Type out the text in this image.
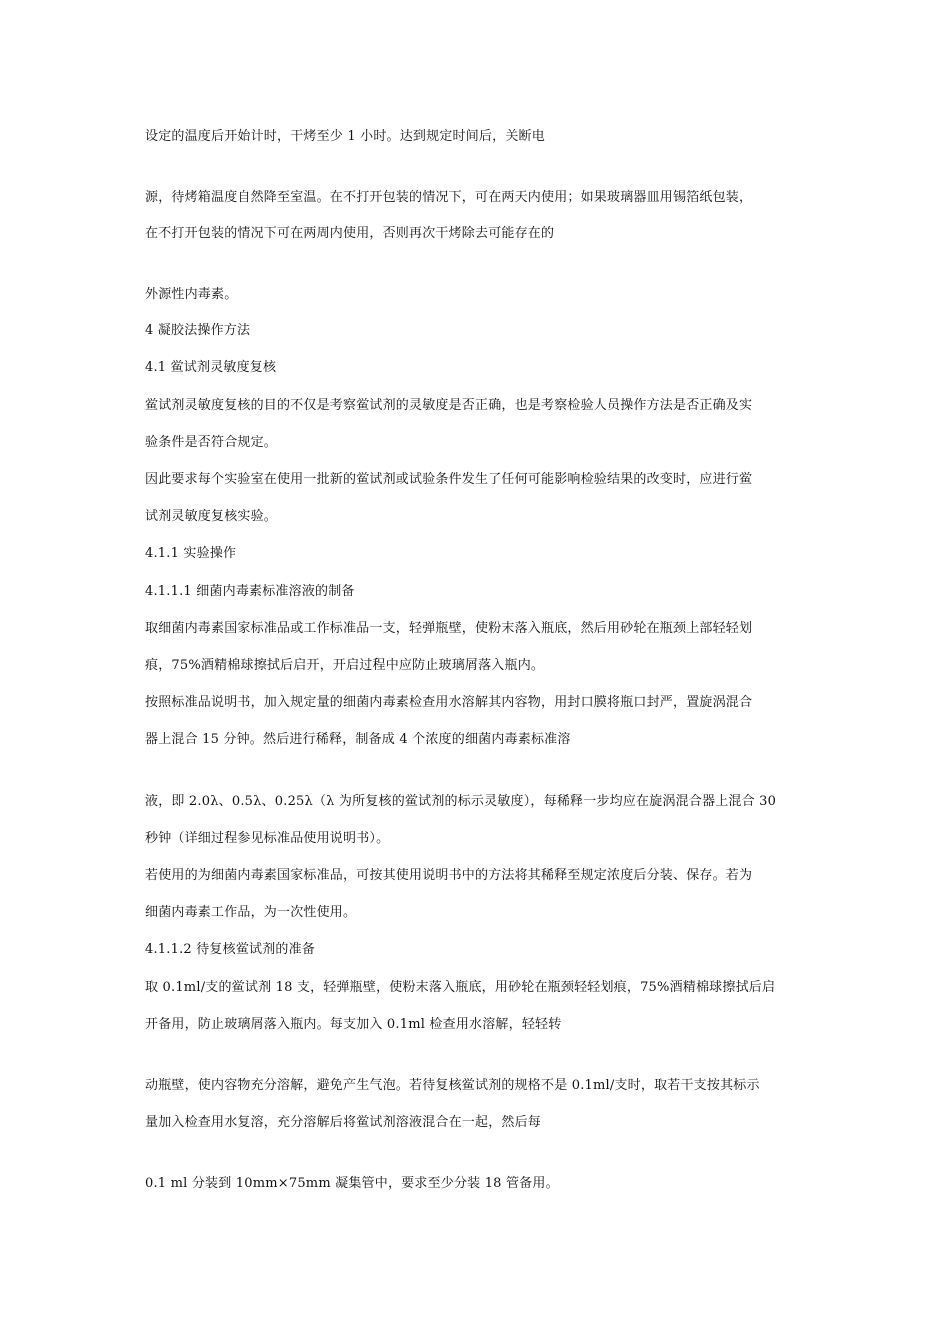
设定的温度后开始计时，干烤至少 1 小时。达到规定时间后，关断电
源，待烤箱温度自然降至室温。在不打开包装的情况下，可在两天内使用；如果玻璃器皿用锡箔纸包装，
在不打开包装的情况下可在两周内使用，否则再次干烤除去可能存在的
外源性内毒素。
4 凝胶法操作方法
4.1 鲎试剂灵敏度复核
鲎试剂灵敏度复核的目的不仅是考察鲎试剂的灵敏度是否正确，也是考察检验人员操作方法是否正确及实
验条件是否符合规定。
因此要求每个实验室在使用一批新的鲎试剂或试验条件发生了任何可能影响检验结果的改变时，应进行鲎
试剂灵敏度复核实验。
4.1.1 实验操作
4.1.1.1 细菌内毒素标准溶液的制备
取细菌内毒素国家标准品或工作标准品一支，轻弹瓶壁，使粉末落入瓶底，然后用砂轮在瓶颈上部轻轻划
痕，75%酒精棉球擦拭后启开，开启过程中应防止玻璃屑落入瓶内。
按照标准品说明书，加入规定量的细菌内毒素检查用水溶解其内容物，用封口膜将瓶口封严，置旋涡混合
器上混合 15 分钟。然后进行稀释，制备成 4 个浓度的细菌内毒素标准溶
液，即 2.0λ、0.5λ、0.25λ（λ 为所复核的鲎试剂的标示灵敏度），每稀释一步均应在旋涡混合器上混合 30
秒钟（详细过程参见标准品使用说明书）。
若使用的为细菌内毒素国家标准品，可按其使用说明书中的方法将其稀释至规定浓度后分装、保存。若为
细菌内毒素工作品，为一次性使用。
4.1.1.2 待复核鲎试剂的准备
取 0.1ml/支的鲎试剂 18 支，轻弹瓶壁，使粉末落入瓶底，用砂轮在瓶颈轻轻划痕，75%酒精棉球擦拭后启
开备用，防止玻璃屑落入瓶内。每支加入 0.1ml 检查用水溶解，轻轻转
动瓶壁，使内容物充分溶解，避免产生气泡。若待复核鲎试剂的规格不是 0.1ml/支时，取若干支按其标示
量加入检查用水复溶，充分溶解后将鲎试剂溶液混合在一起，然后每
0.1 ml 分装到 10mm×75mm 凝集管中，要求至少分装 18 管备用。
